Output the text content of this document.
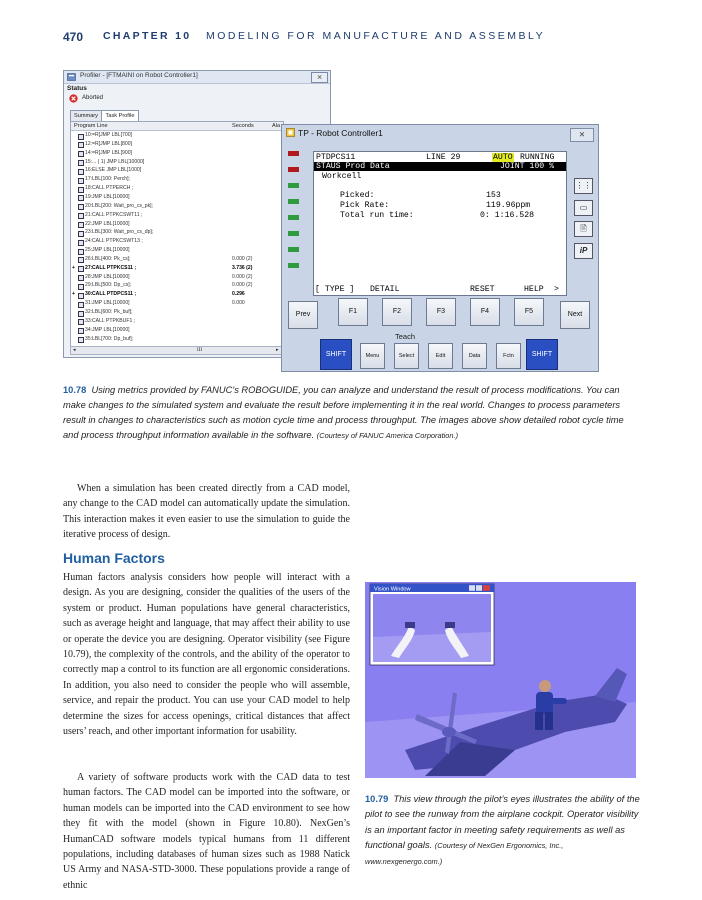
470 CHAPTER 10 MODELING FOR MANUFACTURE AND ASSEMBLY
Profiler - [FTMAINI on Robot Controller1]	⨯
Status
Aborted
Summary	Task Profile
Program Line	Seconds	Ala
10: =R[JMP LBL[700]
12: =R[JMP LBL[800]
14: =R[JMP LBL[900]
15: ... ( 1) JMP LBL[10000]
16: ELSE JMP LBL[1000]
17: LBL[100: Perch];
18: CALL PTPERCH ;
19: JMP LBL[10000]
20: LBL[200: Wait_pro_cs_pk];
21: CALL PTPKCSWT11 ;
22: JMP LBL[10000]
23: LBL[300: Wait_pro_cs_dp];
24: CALL PTPKCSWT13 ;
25: JMP LBL[10000]
26: LBL[400: Pk_cs];	0.000 (2)
+ 27: CALL PTPKCS11 ;	3.736 (2)
28: JMP LBL[10000]	0.000 (2)
29: LBL[500: Dp_cs];	0.000 (2)
+ 30: CALL PTDPCS11 ;	0.296
31: JMP LBL[10000]	0.000
32: LBL[600: Pk_buf];
33: CALL PTPKBUF1 ;
34: JMP LBL[10000]
35: LBL[700: Dp_buf];
◂	III	▸
TP - Robot Controller1	⨯
PTDPCS11	LINE 29	AUTO RUNNING
STAUS Prod Data	JOINT 100 %
Workcell
Picked:	153
Pick Rate:	119.96ppm
Total run time:	0: 1:16.528
[ TYPE ] DETAIL	RESET	HELP >
⋮⋮
▭
🗎
iP
Prev	F1	F2	F3	F4	F5	Next
Teach
SHIFT	Menu	Select	Edit	Data	Fctn	SHIFT
10.78 Using metrics provided by FANUC’s ROBOGUIDE, you can analyze and understand the result of process modifications. You can make changes to the simulated system and evaluate the result before implementing it in the real world. Changes to process parameters result in changes to characteristics such as motion cycle time and process throughput. The images above show detailed robot cycle time and process throughput information available in the software. (Courtesy of FANUC America Corporation.)
When a simulation has been created directly from a CAD model, any change to the CAD model can automatically update the simulation. This interaction makes it even easier to use the simulation to guide the iterative process of design.
Human Factors
Human factors analysis considers how people will interact with a design. As you are designing, consider the qualities of the users of the system or product. Human populations have general characteristics, such as average height and language, that may affect their ability to use or operate the device you are designing. Operator visibility (see Figure 10.79), the complexity of the controls, and the ability of the operator to correctly map a control to its function are all ergonomic considerations. In addition, you also need to consider the people who will assemble, service, and repair the product. You can use your CAD model to help determine the sizes for access openings, critical distances that affect users’ reach, and other important information for usability.
A variety of software products work with the CAD data to test human factors. The CAD model can be imported into the software, or human models can be imported into the CAD environment to see how they fit with the model (shown in Figure 10.80). NexGen’s HumanCAD software models typical humans from 11 different populations, including databases of human sizes such as 1988 Natick US Army and NASA-STD-3000. These populations provide a range of ethnic
Vision Window
10.79 This view through the pilot’s eyes illustrates the ability of the pilot to see the runway from the airplane cockpit. Operator visibility is an important factor in meeting safety requirements as well as functional goals. (Courtesy of NexGen Ergonomics, Inc., www.nexgenergo.com.)
